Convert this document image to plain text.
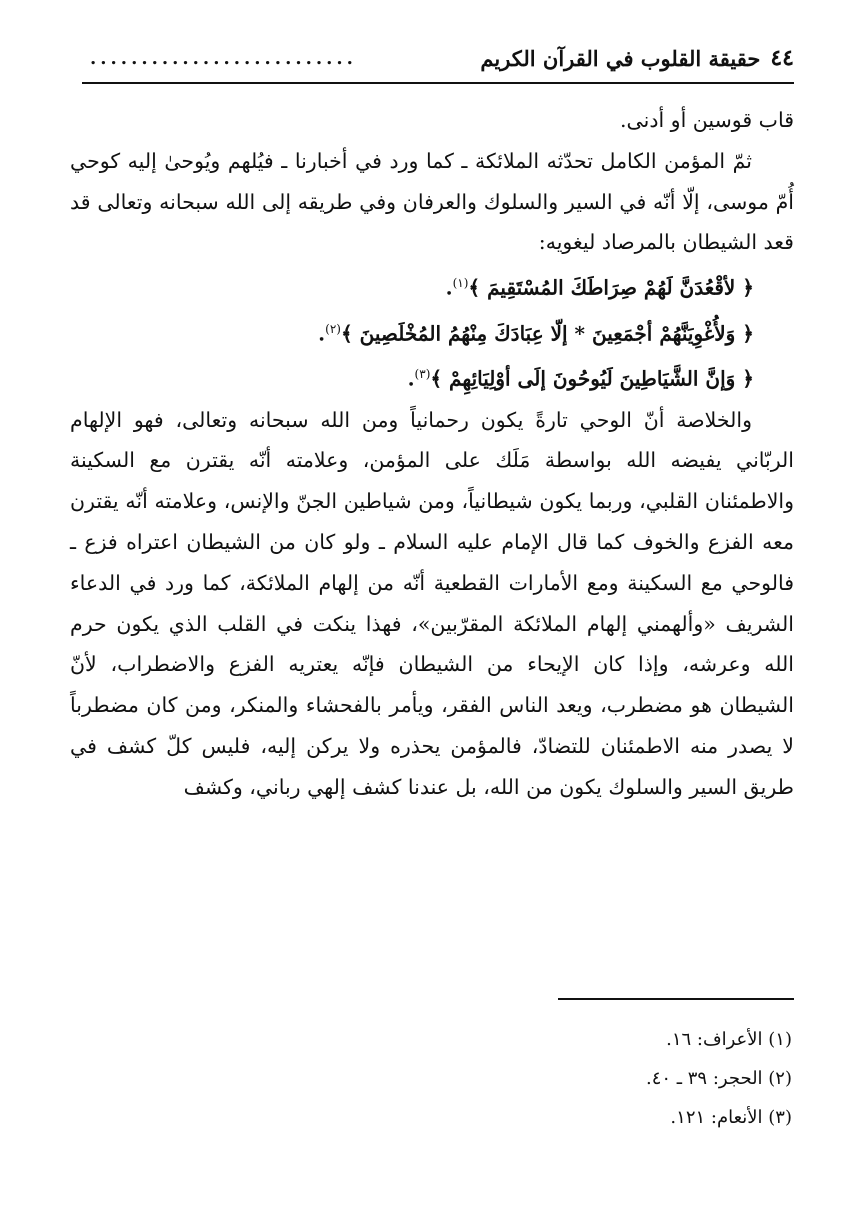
٤٤
حقيقة القلوب في القرآن الكريم
..........................

قاب قوسين أو أدنى.

ثمّ المؤمن الكامل تحدّثه الملائكة ـ كما ورد في أخبارنا ـ فيُلهم ويُوحىٰ إليه كوحي أُمّ موسى، إلّا أنّه في السير والسلوك والعرفان وفي طريقه إلى الله سبحانه وتعالى قد قعد الشيطان بالمرصاد ليغويه:

﴿ لأقْعُدَنَّ لَهُمْ صِرَاطَكَ المُسْتَقِيمَ ﴾$^{(١)}$.

﴿ وَلأُغْوِيَنَّهُمْ أجْمَعِينَ * إلّا عِبَادَكَ مِنْهُمُ المُخْلَصِينَ ﴾$^{(٢)}$.

﴿ وَإنَّ الشَّيَاطِينَ لَيُوحُونَ إلَى أوْلِيَائِهِمْ ﴾$^{(٣)}$.

والخلاصة أنّ الوحي تارةً يكون رحمانياً ومن الله سبحانه وتعالى، فهو الإلهام الربّاني يفيضه الله بواسطة مَلَك على المؤمن، وعلامته أنّه يقترن مع السكينة والاطمئنان القلبي، وربما يكون شيطانياً، ومن شياطين الجنّ والإنس، وعلامته أنّه يقترن معه الفزع والخوف كما قال الإمام عليه السلام ـ ولو كان من الشيطان اعتراه فزع ـ فالوحي مع السكينة ومع الأمارات القطعية أنّه من إلهام الملائكة، كما ورد في الدعاء الشريف «وألهمني إلهام الملائكة المقرّبين»، فهذا ينكت في القلب الذي يكون حرم الله وعرشه، وإذا كان الإيحاء من الشيطان فإنّه يعتريه الفزع والاضطراب، لأنّ الشيطان هو مضطرب، ويعد الناس الفقر، ويأمر بالفحشاء والمنكر، ومن كان مضطرباً لا يصدر منه الاطمئنان للتضادّ، فالمؤمن يحذره ولا يركن إليه، فليس كلّ كشف في طريق السير والسلوك يكون من الله، بل عندنا كشف إلهي رباني، وكشف

(١) الأعراف: ١٦.
(٢) الحجر: ٣٩ ـ ٤٠.
(٣) الأنعام: ١٢١.
